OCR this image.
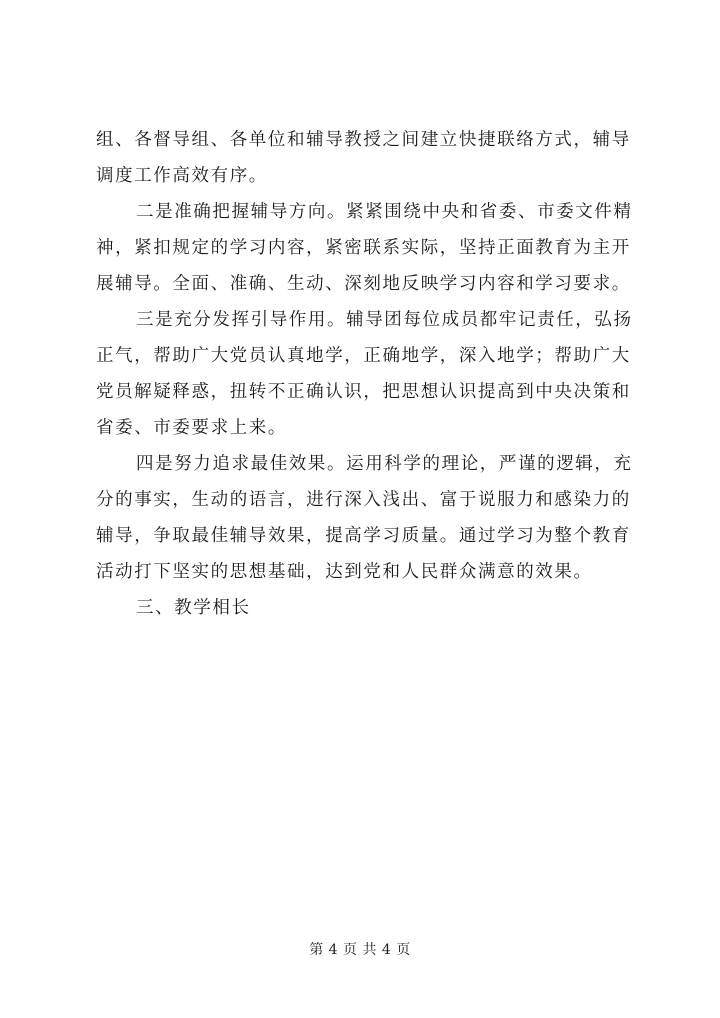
组、各督导组、各单位和辅导教授之间建立快捷联络方式，辅导
调度工作高效有序。
二是准确把握辅导方向。紧紧围绕中央和省委、市委文件精
神，紧扣规定的学习内容，紧密联系实际，坚持正面教育为主开
展辅导。全面、准确、生动、深刻地反映学习内容和学习要求。
三是充分发挥引导作用。辅导团每位成员都牢记责任，弘扬
正气，帮助广大党员认真地学，正确地学，深入地学；帮助广大
党员解疑释惑，扭转不正确认识，把思想认识提高到中央决策和
省委、市委要求上来。
四是努力追求最佳效果。运用科学的理论，严谨的逻辑，充
分的事实，生动的语言，进行深入浅出、富于说服力和感染力的
辅导，争取最佳辅导效果，提高学习质量。通过学习为整个教育
活动打下坚实的思想基础，达到党和人民群众满意的效果。
三、教学相长
第 4 页 共 4 页
